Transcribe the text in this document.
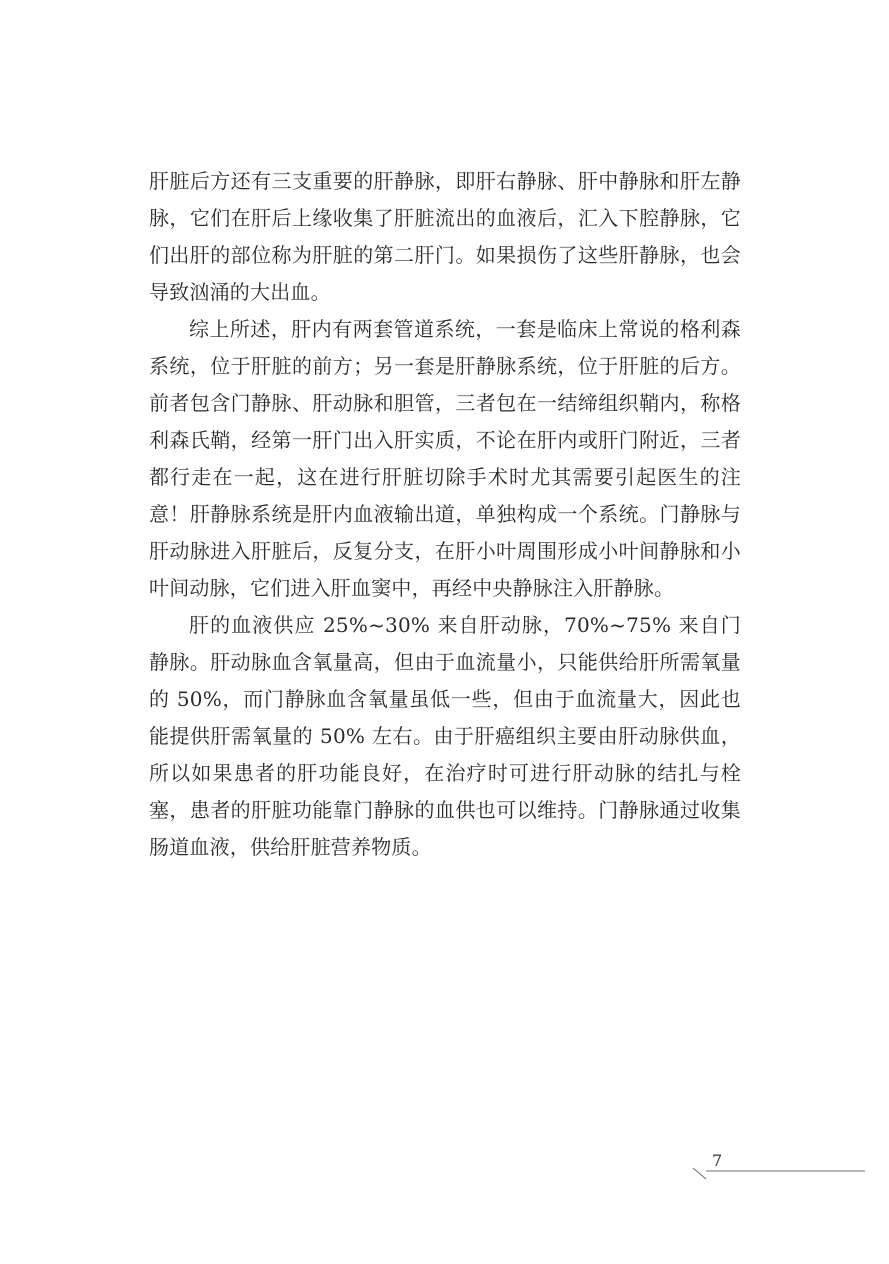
肝脏后方还有三支重要的肝静脉，即肝右静脉、肝中静脉和肝左静脉，它们在肝后上缘收集了肝脏流出的血液后，汇入下腔静脉，它们出肝的部位称为肝脏的第二肝门。如果损伤了这些肝静脉，也会导致汹涌的大出血。

综上所述，肝内有两套管道系统，一套是临床上常说的格利森系统，位于肝脏的前方；另一套是肝静脉系统，位于肝脏的后方。前者包含门静脉、肝动脉和胆管，三者包在一结缔组织鞘内，称格利森氏鞘，经第一肝门出入肝实质，不论在肝内或肝门附近，三者都行走在一起，这在进行肝脏切除手术时尤其需要引起医生的注意！肝静脉系统是肝内血液输出道，单独构成一个系统。门静脉与肝动脉进入肝脏后，反复分支，在肝小叶周围形成小叶间静脉和小叶间动脉，它们进入肝血窦中，再经中央静脉注入肝静脉。

肝的血液供应 25%~30% 来自肝动脉，70%~75% 来自门静脉。肝动脉血含氧量高，但由于血流量小，只能供给肝所需氧量的 50%，而门静脉血含氧量虽低一些，但由于血流量大，因此也能提供肝需氧量的 50% 左右。由于肝癌组织主要由肝动脉供血，所以如果患者的肝功能良好，在治疗时可进行肝动脉的结扎与栓塞，患者的肝脏功能靠门静脉的血供也可以维持。门静脉通过收集肠道血液，供给肝脏营养物质。

7
